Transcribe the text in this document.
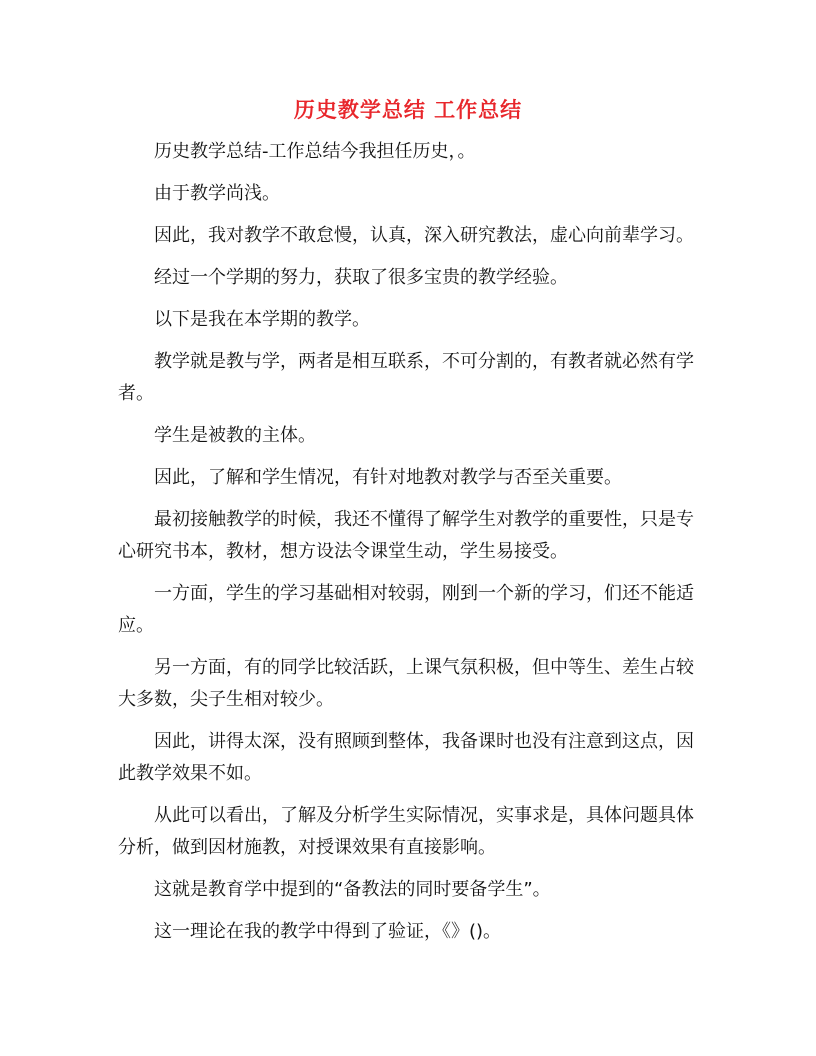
历史教学总结 工作总结

历史教学总结-工作总结今我担任历史，。

由于教学尚浅。

因此，我对教学不敢怠慢，认真，深入研究教法，虚心向前辈学习。

经过一个学期的努力，获取了很多宝贵的教学经验。

以下是我在本学期的教学。

教学就是教与学，两者是相互联系，不可分割的，有教者就必然有学者。

学生是被教的主体。

因此，了解和学生情况，有针对地教对教学与否至关重要。

最初接触教学的时候，我还不懂得了解学生对教学的重要性，只是专心研究书本，教材，想方设法令课堂生动，学生易接受。

一方面，学生的学习基础相对较弱，刚到一个新的学习，们还不能适应。

另一方面，有的同学比较活跃，上课气氛积极，但中等生、差生占较大多数，尖子生相对较少。

因此，讲得太深，没有照顾到整体，我备课时也没有注意到这点，因此教学效果不如。

从此可以看出，了解及分析学生实际情况，实事求是，具体问题具体分析，做到因材施教，对授课效果有直接影响。

这就是教育学中提到的“备教法的同时要备学生”。

这一理论在我的教学中得到了验证，《》()。
